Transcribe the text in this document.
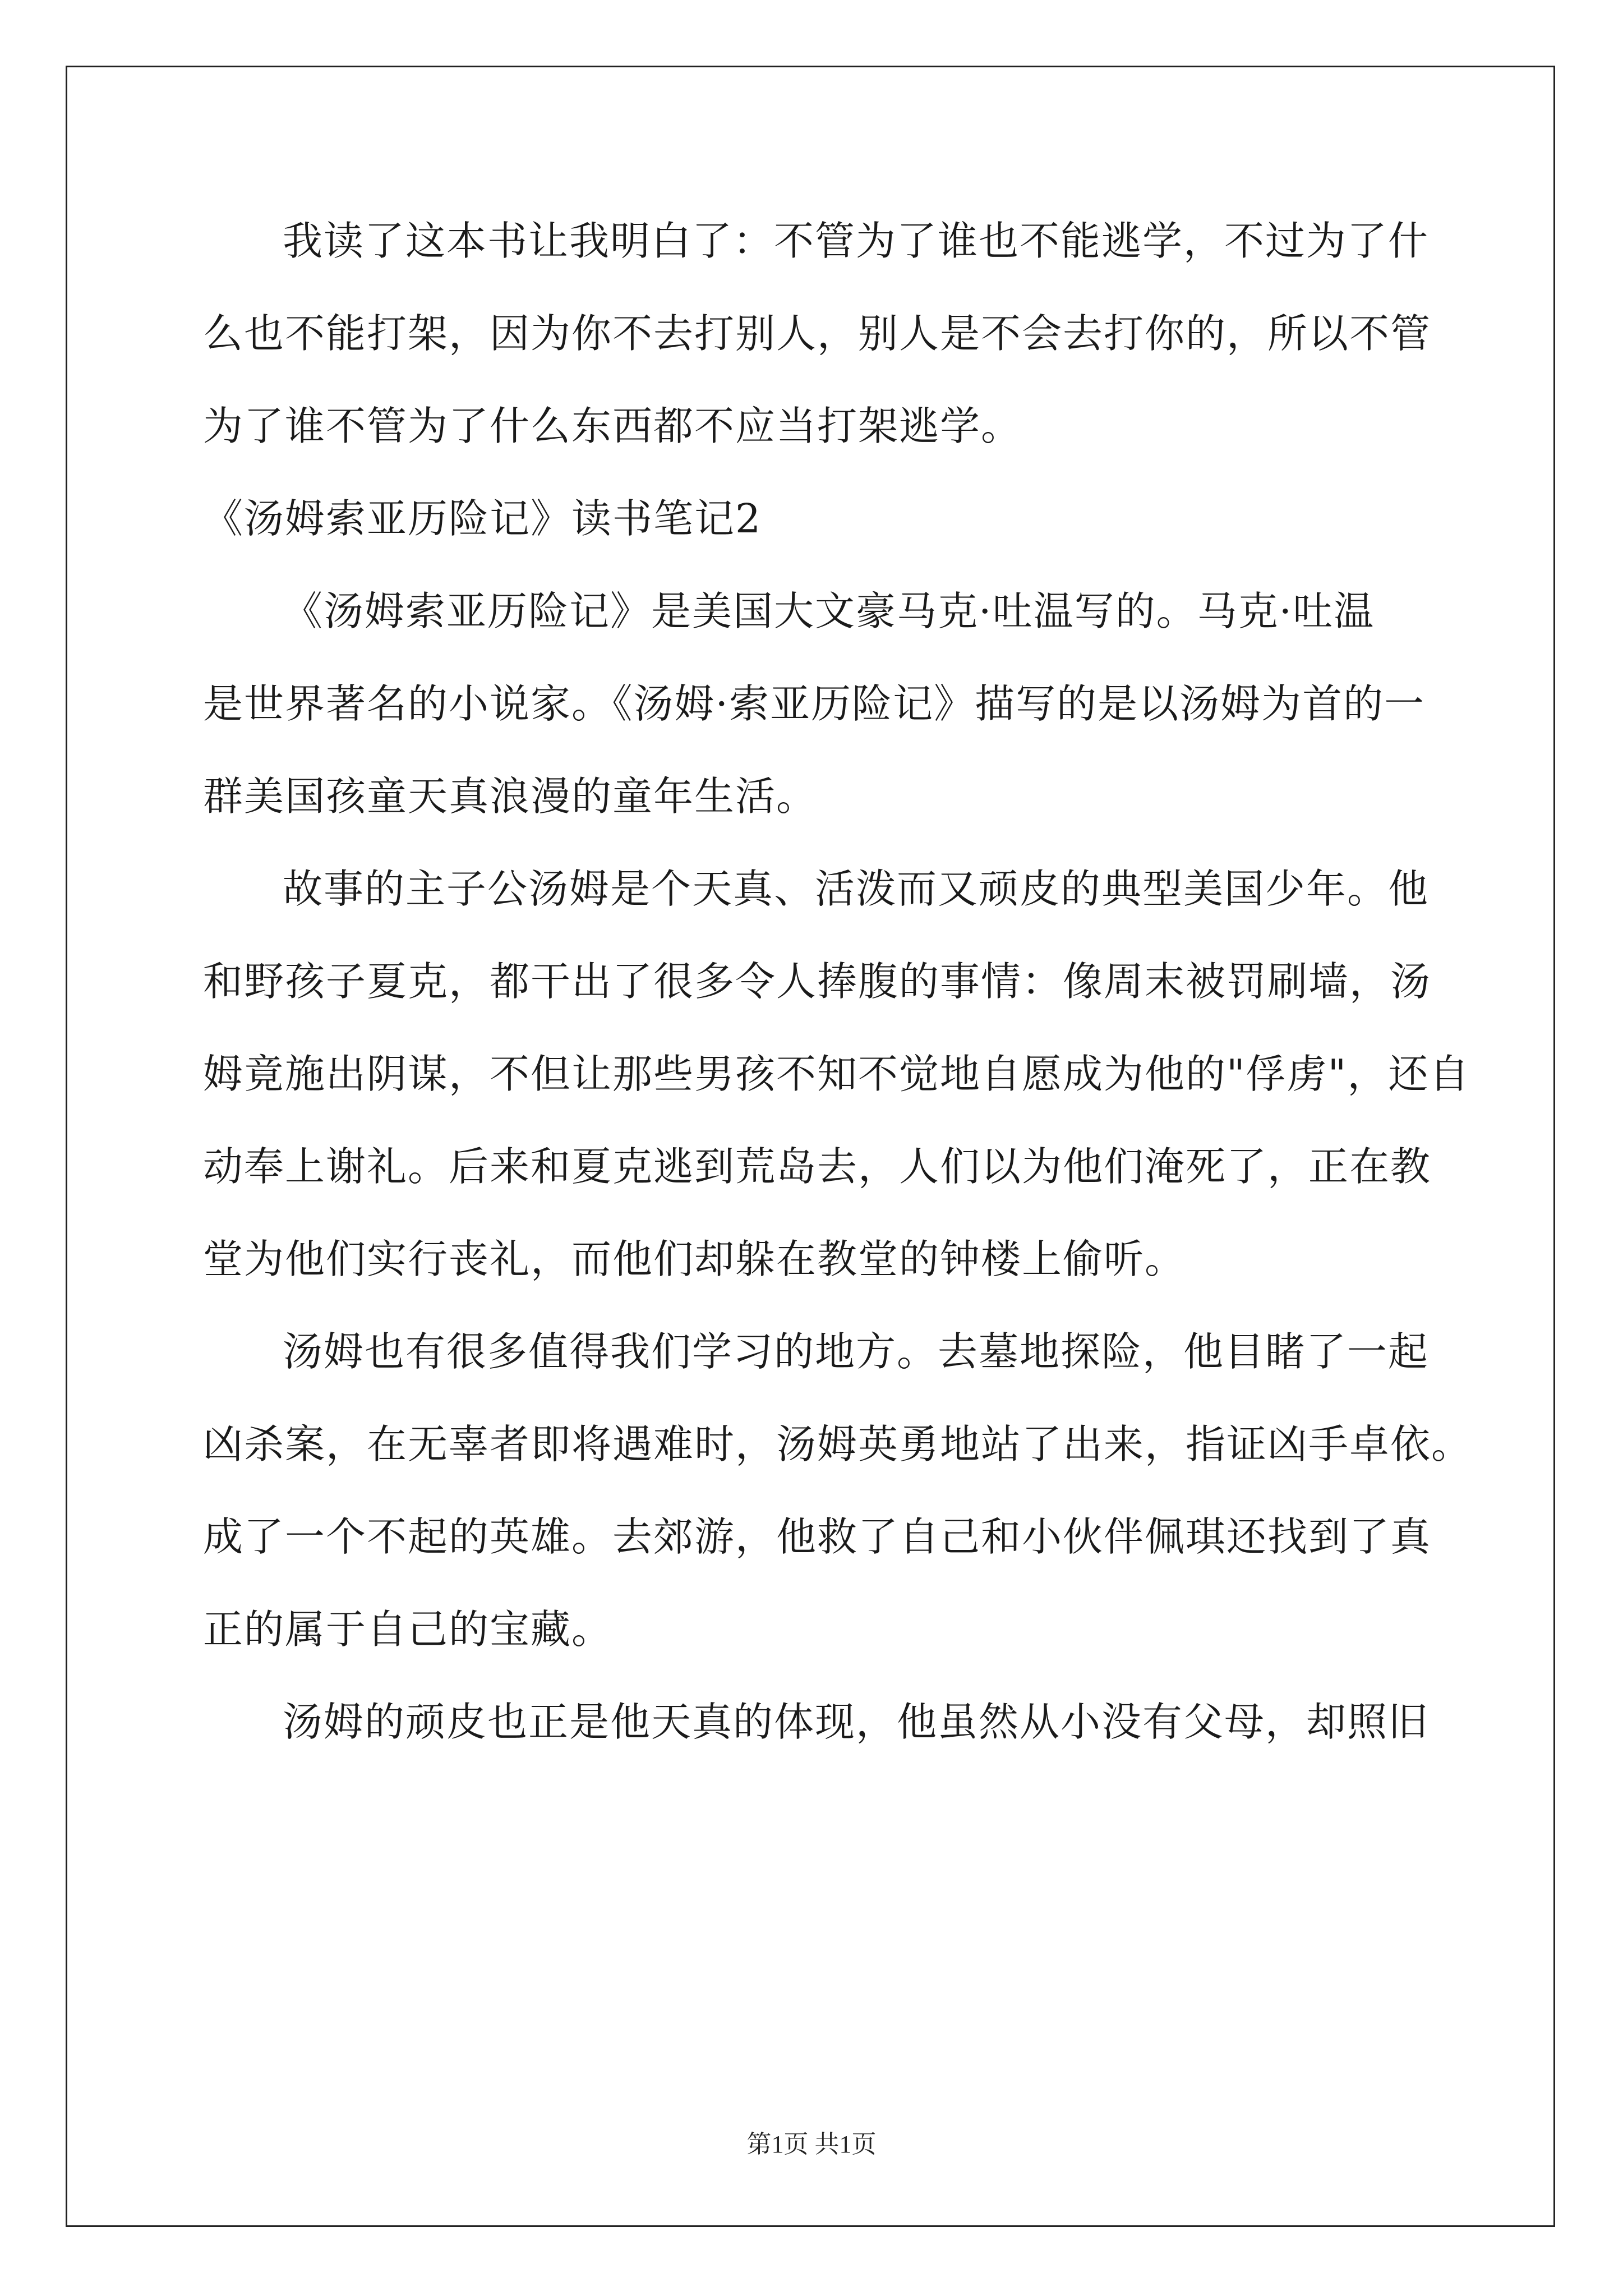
我读了这本书让我明白了：不管为了谁也不能逃学，不过为了什
么也不能打架，因为你不去打别人，别人是不会去打你的，所以不管
为了谁不管为了什么东西都不应当打架逃学。
《汤姆索亚历险记》读书笔记2
《汤姆索亚历险记》是美国大文豪马克·吐温写的。马克·吐温
是世界著名的小说家。《汤姆·索亚历险记》描写的是以汤姆为首的一
群美国孩童天真浪漫的童年生活。
故事的主子公汤姆是个天真、活泼而又顽皮的典型美国少年。他
和野孩子夏克，都干出了很多令人捧腹的事情：像周末被罚刷墙，汤
姆竟施出阴谋，不但让那些男孩不知不觉地自愿成为他的"俘虏"，还自
动奉上谢礼。后来和夏克逃到荒岛去，人们以为他们淹死了，正在教
堂为他们实行丧礼，而他们却躲在教堂的钟楼上偷听。
汤姆也有很多值得我们学习的地方。去墓地探险，他目睹了一起
凶杀案，在无辜者即将遇难时，汤姆英勇地站了出来，指证凶手卓依。
成了一个不起的英雄。去郊游，他救了自己和小伙伴佩琪还找到了真
正的属于自己的宝藏。
汤姆的顽皮也正是他天真的体现，他虽然从小没有父母，却照旧
第1页 共1页
